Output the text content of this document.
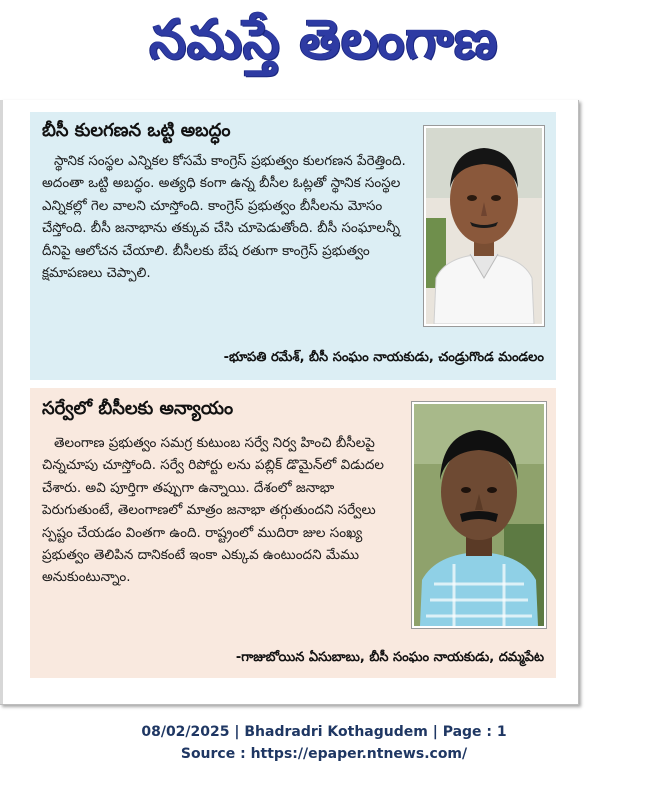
నమస్తే తెలంగాణ
బీసీ కులగణన ఒట్టి అబద్ధం
స్థానిక సంస్థల ఎన్నికల కోసమే కాంగ్రెస్ ప్రభుత్వం కులగణన పేరెత్తింది. అదంతా ఒట్టి అబద్ధం. అత్యధి కంగా ఉన్న బీసీల ఓట్లతో స్థానిక సంస్థల ఎన్నికల్లో గెల వాలని చూస్తోంది. కాంగ్రెస్ ప్రభుత్వం బీసీలను మోసం చేస్తోంది. బీసీ జనాభాను తక్కువ చేసి చూపెడుతోంది. బీసీ సంఘాలన్నీ దీనిపై ఆలోచన చేయాలి. బీసీలకు బేష రతుగా కాంగ్రెస్ ప్రభుత్వం క్షమాపణలు చెప్పాలి.
-భూపతి రమేశ్, బీసీ సంఘం నాయకుడు, చండ్రుగొండ మండలం
సర్వేలో బీసీలకు అన్యాయం
తెలంగాణ ప్రభుత్వం సమగ్ర కుటుంబ సర్వే నిర్వ హించి బీసీలపై చిన్నచూపు చూస్తోంది. సర్వే రిపోర్టు లను పబ్లిక్ డొమైన్‌లో విడుదల చేశారు. అవి పూర్తిగా తప్పుగా ఉన్నాయి. దేశంలో జనాభా పెరుగుతుంటే, తెలంగాణలో మాత్రం జనాభా తగ్గుతుందని సర్వేలు స్పష్టం చేయడం వింతగా ఉంది. రాష్ట్రంలో ముదిరా జుల సంఖ్య ప్రభుత్వం తెలిపిన దానికంటే ఇంకా ఎక్కువ ఉంటుందని మేము అనుకుంటున్నాం.
-గాజుబోయిన ఏసుబాబు, బీసీ సంఘం నాయకుడు, దమ్మపేట
08/02/2025 | Bhadradri Kothagudem | Page : 1
Source : https://epaper.ntnews.com/
